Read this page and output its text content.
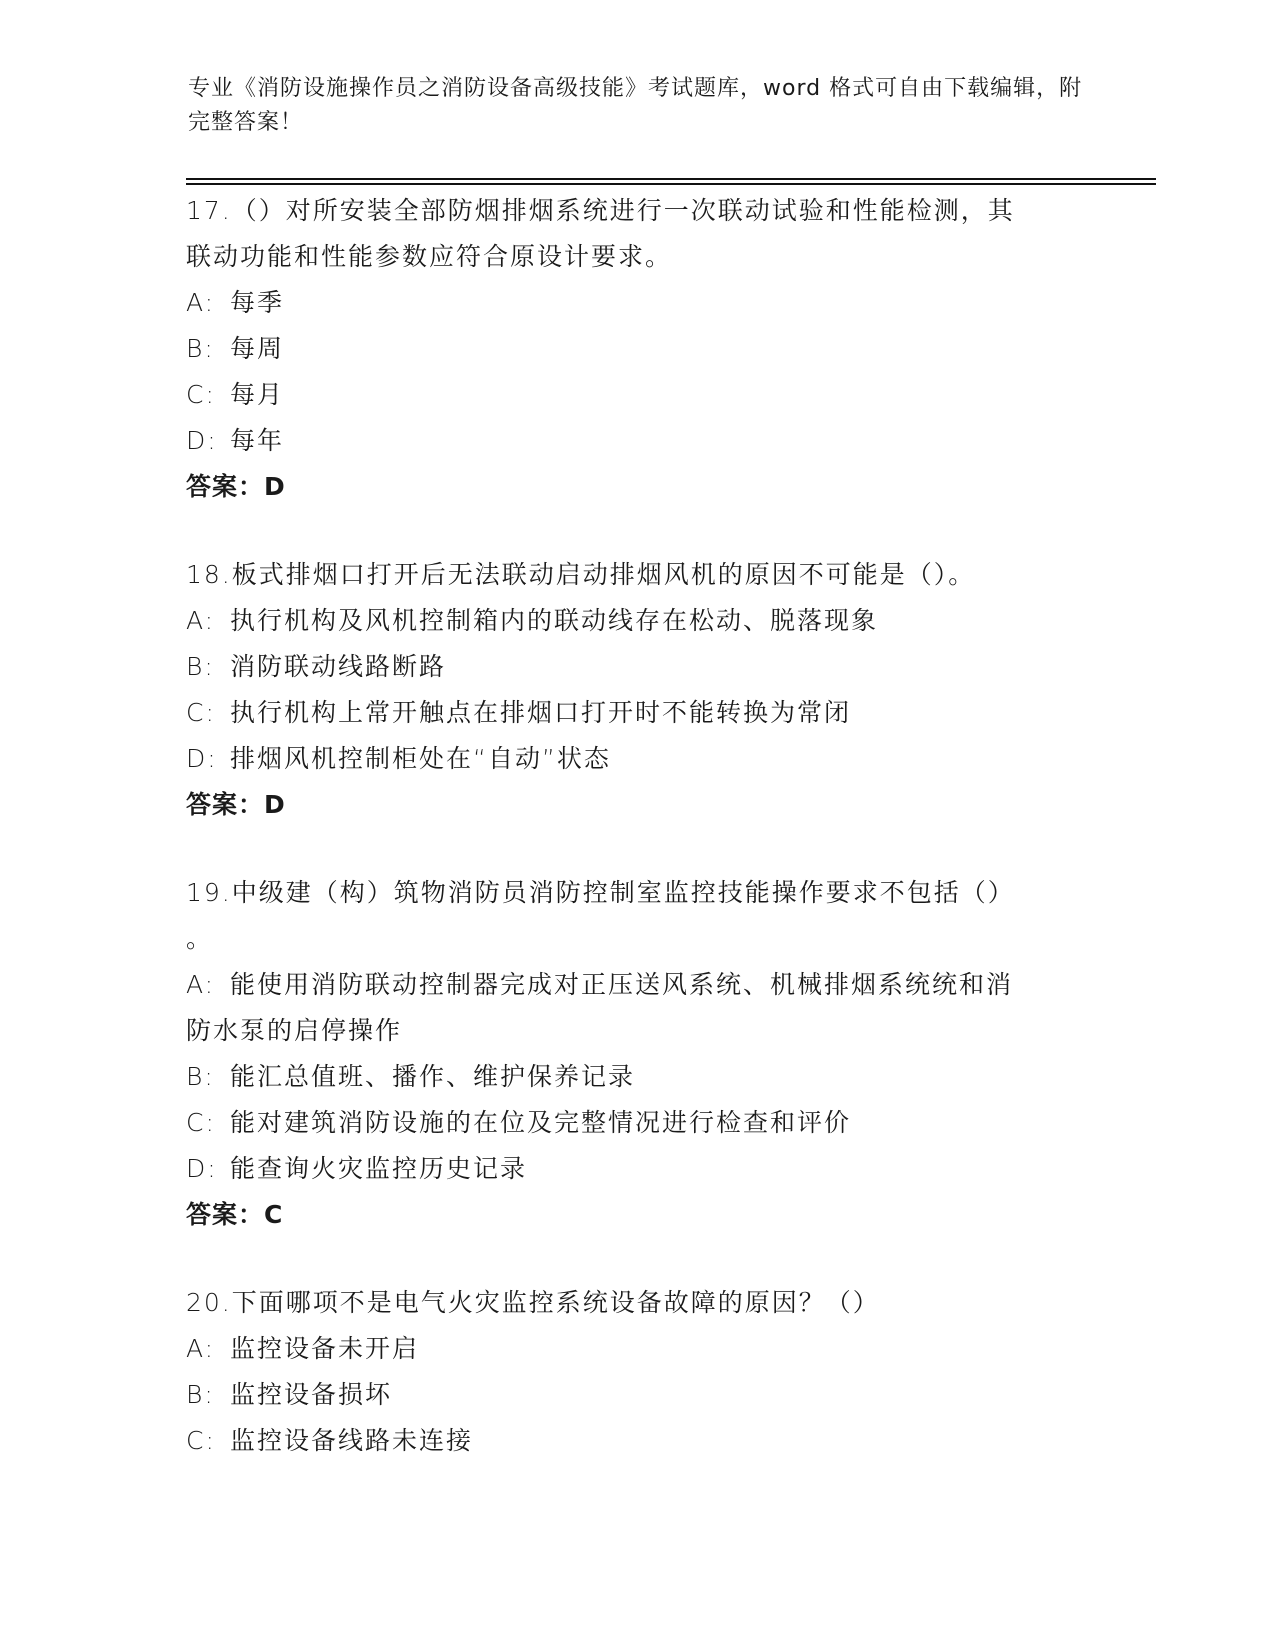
专业《消防设施操作员之消防设备高级技能》考试题库，word 格式可自由下载编辑，附完整答案！
17.（）对所安装全部防烟排烟系统进行一次联动试验和性能检测，其
联动功能和性能参数应符合原设计要求。
A: 每季
B: 每周
C: 每月
D: 每年
答案：D
18.板式排烟口打开后无法联动启动排烟风机的原因不可能是（）。
A: 执行机构及风机控制箱内的联动线存在松动、脱落现象
B: 消防联动线路断路
C: 执行机构上常开触点在排烟口打开时不能转换为常闭
D: 排烟风机控制柜处在“自动”状态
答案：D
19.中级建（构）筑物消防员消防控制室监控技能操作要求不包括（）
。
A: 能使用消防联动控制器完成对正压送风系统、机械排烟系统统和消
防水泵的启停操作
B: 能汇总值班、播作、维护保养记录
C: 能对建筑消防设施的在位及完整情况进行检查和评价
D: 能查询火灾监控历史记录
答案：C
20.下面哪项不是电气火灾监控系统设备故障的原因？（）
A: 监控设备未开启
B: 监控设备损坏
C: 监控设备线路未连接
